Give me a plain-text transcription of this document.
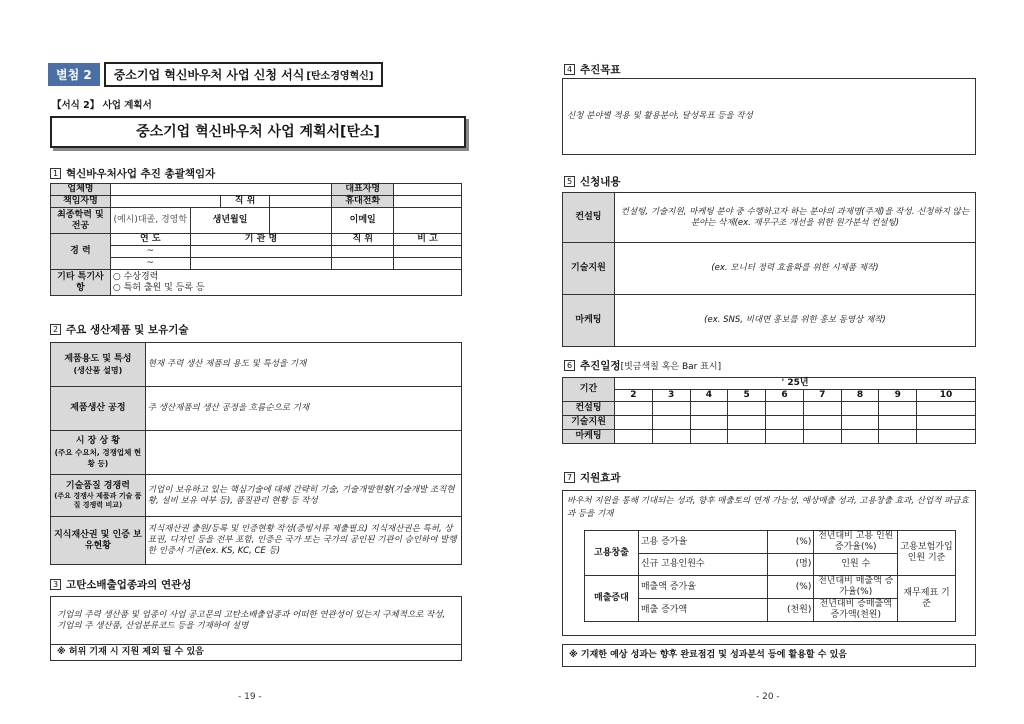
별첨 2	중소기업 혁신바우처 사업 신청 서식 [탄소경영혁신]
【서식 2】 사업 계획서
중소기업 혁신바우처 사업 계획서[탄소]
1 혁신바우처사업 추진 총괄책임자
업체명					대표자명	
책임자명			직 위		휴대전화	
최종학력 및 전공	(예시)대졸, 경영학	생년월일			이메일	
경 력	연 도	기 관 명			직 위	비 고
	~					
	~					
기타 특기사항	○ 수상경력
○ 특허 출원 및 등록 등					
2 주요 생산제품 및 보유기술
제품용도 및 특성
(생산품 설명)	현재 주력 생산 제품의 용도 및 특성을 기재

제품생산 공정	주 생산제품의 생산 공정을 흐름순으로 기재

시 장 상 황
(주요 수요처, 경쟁업체 현황 등)	

기술품질 경쟁력
(주요 경쟁사 제품과 기술 품질 경쟁력 비교)	기업이 보유하고 있는 핵심기술에 대해 간략히 기술, 기술개발현황(기술개발 조직현황, 설비 보유 여부 등), 품질관리 현황 등 작성

지식재산권 및 인증 보유현황	지식재산권 출원/등록 및 인증현황 작성(증빙서류 제출필요) 지식재산권은 특허, 상표권, 디자인 등을 전부 포함, 인증은 국가 또는 국가의 공인된 기관이 승인하여 발행한 인증서 기준(ex. KS, KC, CE 등)
3 고탄소배출업종과의 연관성
기업의 주력 생산품 및 업종이 사업 공고문의 고탄소배출업종과 어떠한 연관성이 있는지 구체적으로 작성, 기업의 주 생산품, 산업분류코드 등을 기재하여 설명
※ 허위 기재 시 지원 제외 될 수 있음
- 19 -
4 추진목표
신청 분야별 적용 및 활용분야, 달성목표 등을 작성
5 신청내용
컨설팅	컨설팅, 기술지원, 마케팅 분야 중 수행하고자 하는 분야의 과제명(주제)을 작성. 신청하지 않는 분야는 삭제(ex. 재무구조 개선을 위한 원가분석 컨설팅)
기술지원	(ex. 모니터 정력 효율화를 위한 시제품 제작)
마케팅	(ex. SNS, 비대면 홍보를 위한 홍보 동영상 제작)
6 추진일정[빗금색칠 혹은 Bar 표시]
기간	' 25년								
	2	3	4	5	6	7	8	9	10
컨설팅									
기술지원									
마케팅									
7 지원효과
바우처 지원을 통해 기대되는 성과, 향후 매출토의 연계 가능성, 예상매출 성과, 고용창출 효과, 산업적 파급효과 등을 기재
고용창출	고용 증가율	(%)	전년대비 고용 인원 증가율(%)	고용보험가입 인원 기준
	신규 고용인원수	(명)	인원 수	
매출증대	매출액 증가율	(%)	전년대비 매출액 증가율(%)	재무제표 기준
	매출 증가액	(천원)	전년대비 증매출액 증가액(천원)	
※ 기재한 예상 성과는 향후 완료점검 및 성과분석 등에 활용할 수 있음
- 20 -
